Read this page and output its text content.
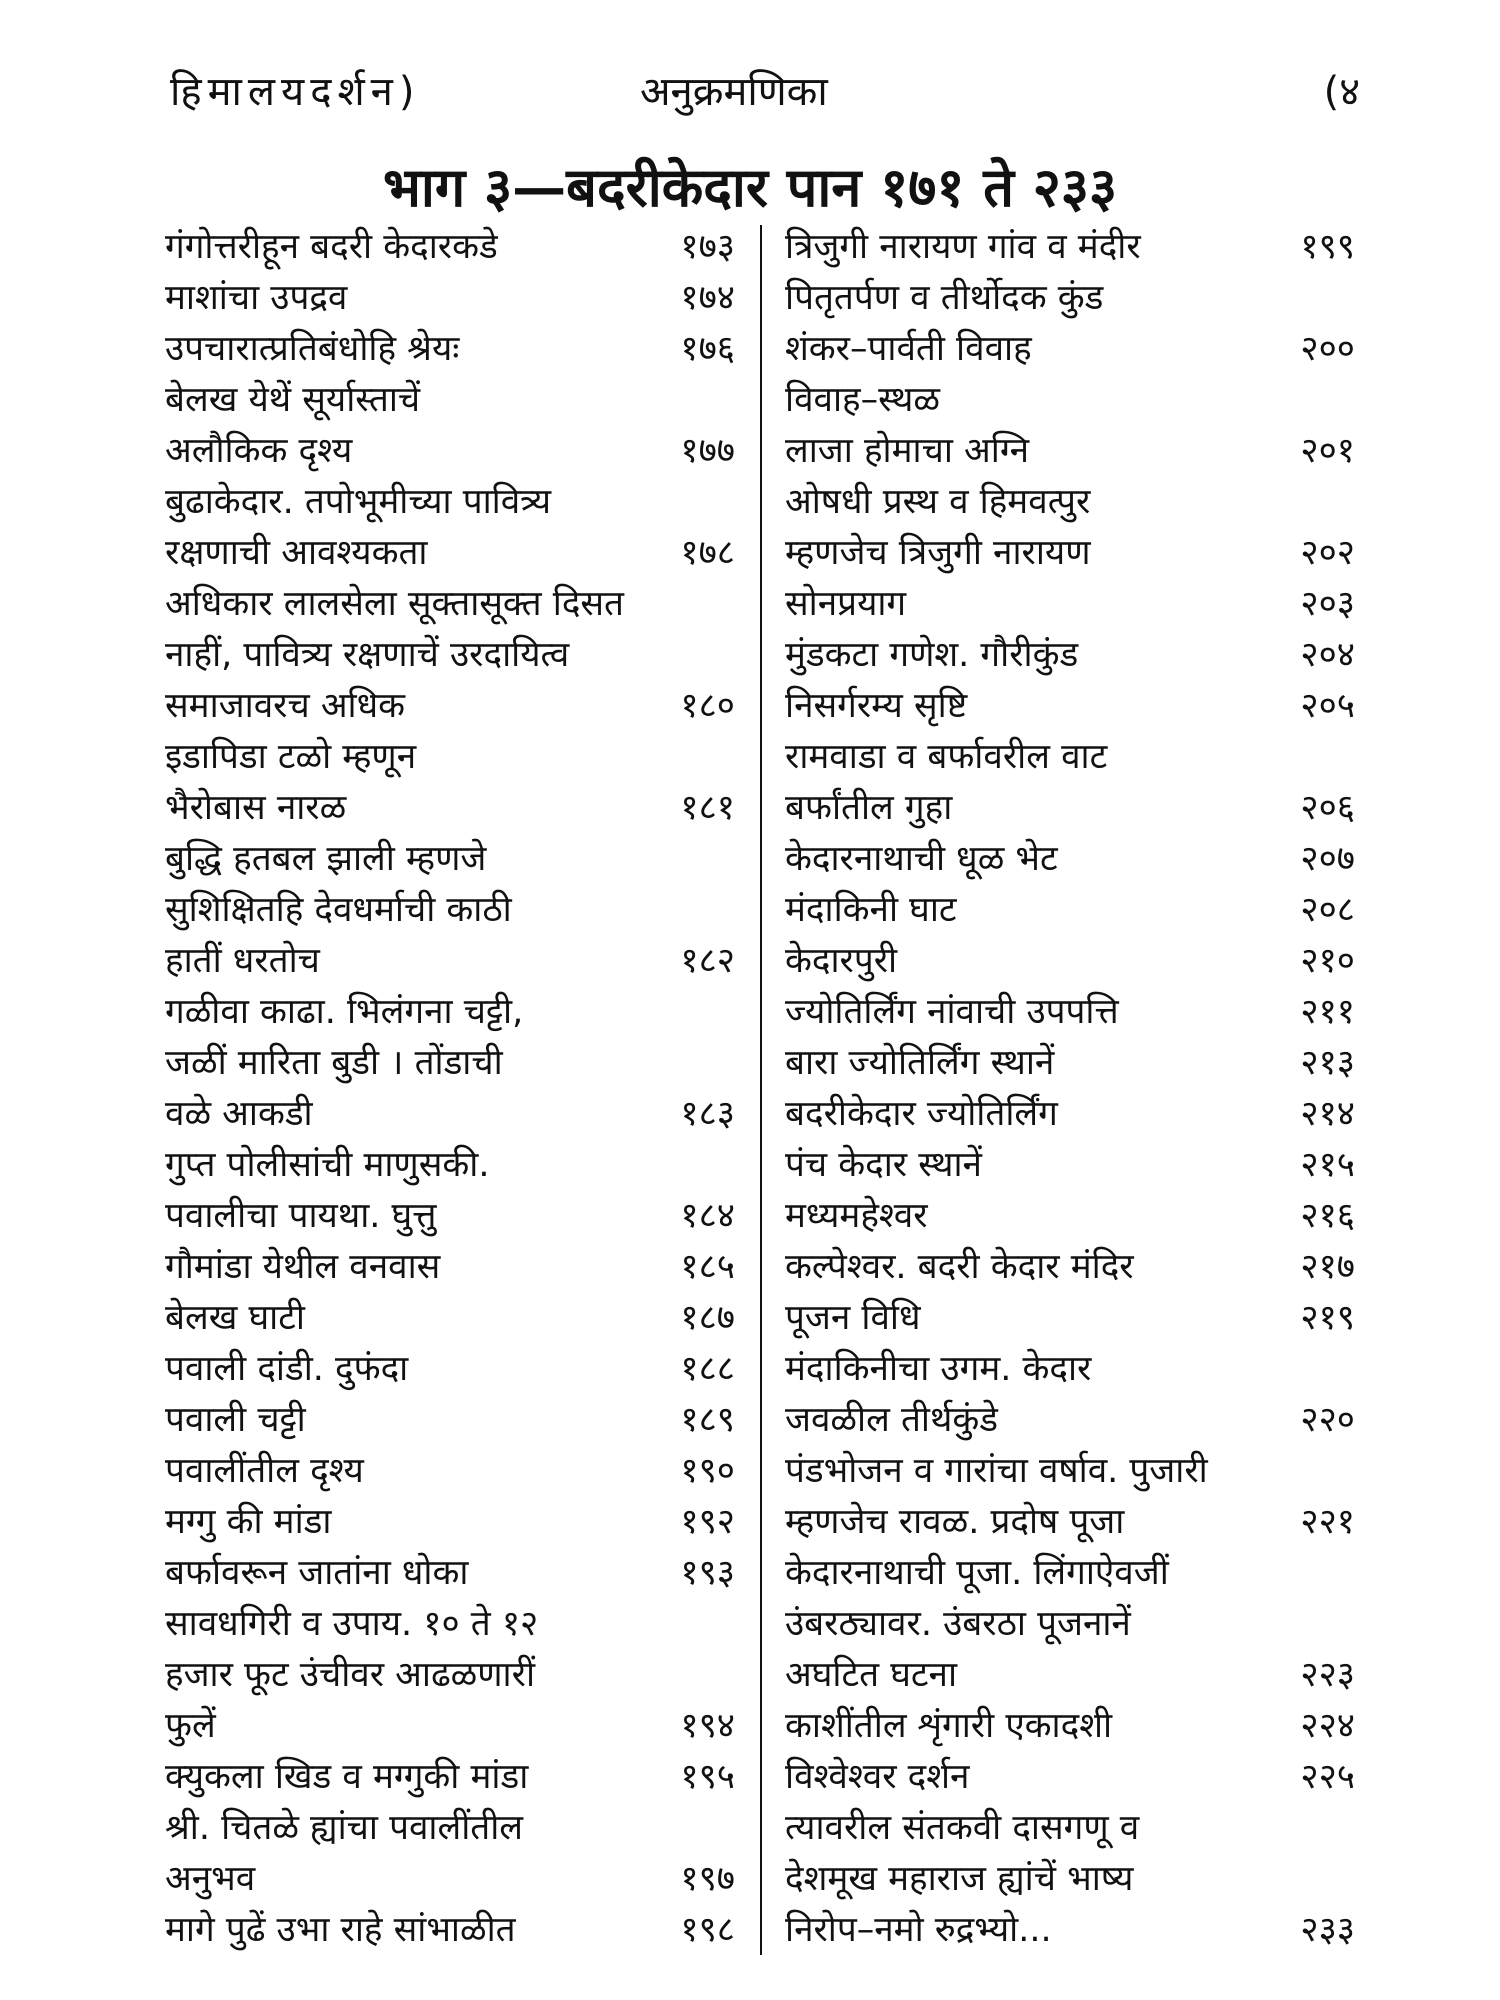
हिमालयदर्शन)	अनुक्रमणिका	(४
भाग ३—बदरीकेदार पान १७१ ते २३३
गंगोत्तरीहून बदरी केदारकडे	१७३
माशांचा उपद्रव	१७४
उपचारात्प्रतिबंधोहि श्रेयः	१७६
बेलख येथें सूर्यास्ताचें
अलौकिक दृश्य	१७७
बुढाकेदार. तपोभूमीच्या पावित्र्य
रक्षणाची आवश्यकता	१७८
अधिकार लालसेला सूक्तासूक्त दिसत
नाहीं, पावित्र्य रक्षणाचें उरदायित्व
समाजावरच अधिक	१८०
इडापिडा टळो म्हणून
भैरोबास नारळ	१८१
बुद्धि हतबल झाली म्हणजे
सुशिक्षितहि देवधर्माची काठी
हातीं धरतोच	१८२
गळीवा काढा. भिलंगना चट्टी,
जळीं मारिता बुडी । तोंडाची
वळे आकडी	१८३
गुप्त पोलीसांची माणुसकी.
पवालीचा पायथा. घुत्तु	१८४
गौमांडा येथील वनवास	१८५
बेलख घाटी	१८७
पवाली दांडी. दुफंदा	१८८
पवाली चट्टी	१८९
पवालींतील दृश्य	१९०
मग्गु की मांडा	१९२
बर्फावरून जातांना धोका	१९३
सावधगिरी व उपाय. १० ते १२
हजार फूट उंचीवर आढळणारीं
फुलें	१९४
क्युकला खिड व मग्गुकी मांडा	१९५
श्री. चितळे ह्यांचा पवालींतील
अनुभव	१९७
मागे पुढें उभा राहे सांभाळीत	१९८
त्रिजुगी नारायण गांव व मंदीर	१९९
पितृतर्पण व तीर्थोदक कुंड
शंकर–पार्वती विवाह	२००
विवाह–स्थळ
लाजा होमाचा अग्नि	२०१
ओषधी प्रस्थ व हिमवत्पुर
म्हणजेच त्रिजुगी नारायण	२०२
सोनप्रयाग	२०३
मुंडकटा गणेश. गौरीकुंड	२०४
निसर्गरम्य सृष्टि	२०५
रामवाडा व बर्फावरील वाट
बर्फांतील गुहा	२०६
केदारनाथाची धूळ भेट	२०७
मंदाकिनी घाट	२०८
केदारपुरी	२१०
ज्योतिर्लिंग नांवाची उपपत्ति	२११
बारा ज्योतिर्लिंग स्थानें	२१३
बदरीकेदार ज्योतिर्लिंग	२१४
पंच केदार स्थानें	२१५
मध्यमहेश्वर	२१६
कल्पेश्वर. बदरी केदार मंदिर	२१७
पूजन विधि	२१९
मंदाकिनीचा उगम. केदार
जवळील तीर्थकुंडे	२२०
पंडभोजन व गारांचा वर्षाव. पुजारी
म्हणजेच रावळ. प्रदोष पूजा	२२१
केदारनाथाची पूजा. लिंगाऐवजीं
उंबरठ्यावर. उंबरठा पूजनानें
अघटित घटना	२२३
काशींतील शृंगारी एकादशी	२२४
विश्वेश्वर दर्शन	२२५
त्यावरील संतकवी दासगणू व
देशमूख महाराज ह्यांचें भाष्य
निरोप–नमो रुद्रभ्यो...	२३३
